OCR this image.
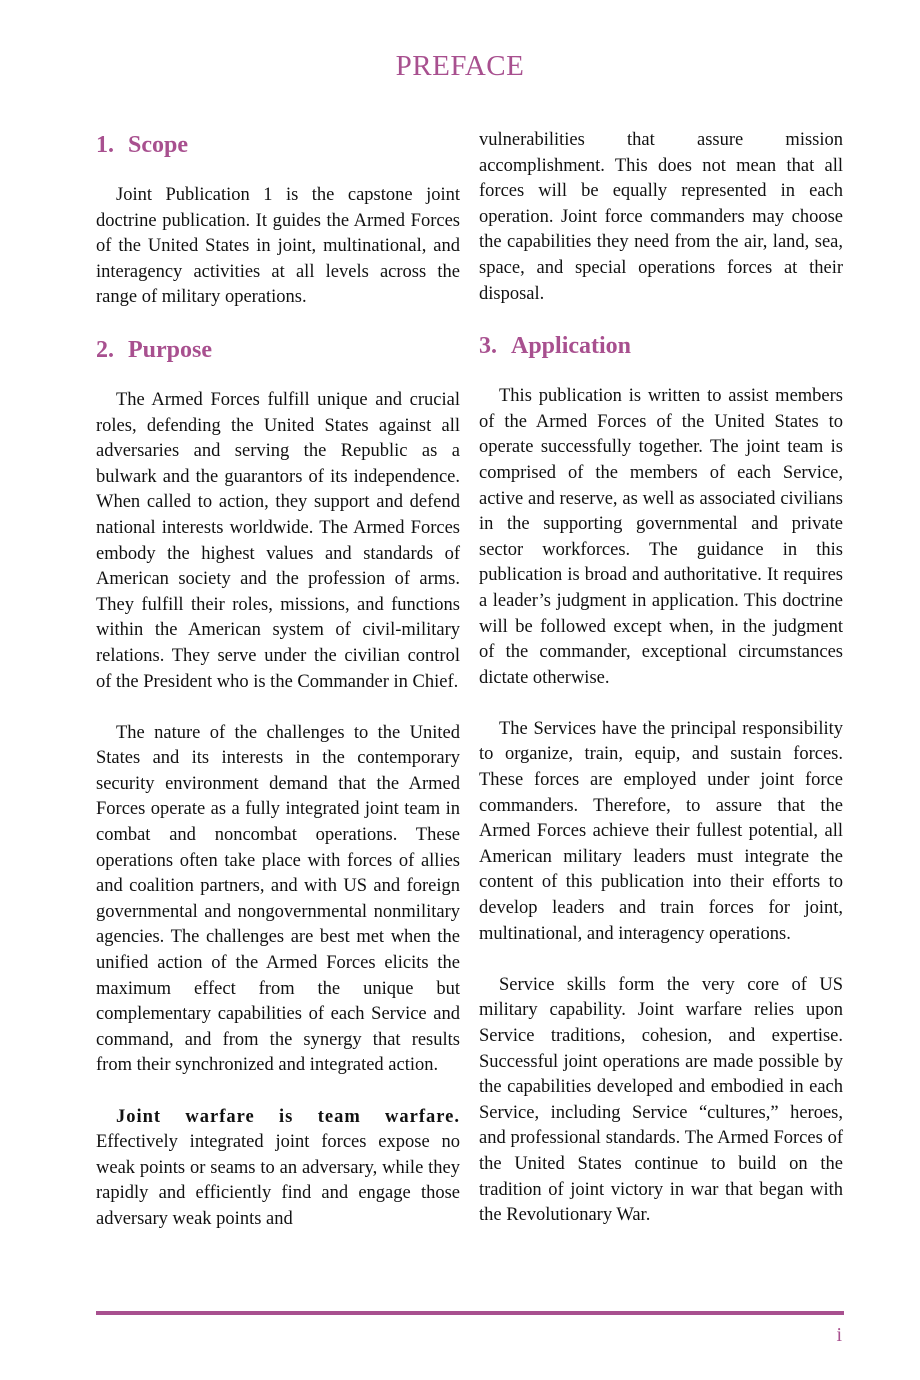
PREFACE
1. Scope

Joint Publication 1 is the capstone joint doctrine publication. It guides the Armed Forces of the United States in joint, multinational, and interagency activities at all levels across the range of military operations.

2. Purpose

The Armed Forces fulfill unique and crucial roles, defending the United States against all adversaries and serving the Republic as a bulwark and the guarantors of its independence. When called to action, they support and defend national interests worldwide. The Armed Forces embody the highest values and standards of American society and the profession of arms. They fulfill their roles, missions, and functions within the American system of civil-military relations. They serve under the civilian control of the President who is the Commander in Chief.

The nature of the challenges to the United States and its interests in the contemporary security environment demand that the Armed Forces operate as a fully integrated joint team in combat and noncombat operations. These operations often take place with forces of allies and coalition partners, and with US and foreign governmental and nongovernmental nonmilitary agencies. The challenges are best met when the unified action of the Armed Forces elicits the maximum effect from the unique but complementary capabilities of each Service and command, and from the synergy that results from their synchronized and integrated action.

Joint warfare is team warfare. Effectively integrated joint forces expose no weak points or seams to an adversary, while they rapidly and efficiently find and engage those adversary weak points and

vulnerabilities that assure mission accomplishment. This does not mean that all forces will be equally represented in each operation. Joint force commanders may choose the capabilities they need from the air, land, sea, space, and special operations forces at their disposal.

3. Application

This publication is written to assist members of the Armed Forces of the United States to operate successfully together. The joint team is comprised of the members of each Service, active and reserve, as well as associated civilians in the supporting governmental and private sector workforces. The guidance in this publication is broad and authoritative. It requires a leader’s judgment in application. This doctrine will be followed except when, in the judgment of the commander, exceptional circumstances dictate otherwise.

The Services have the principal responsibility to organize, train, equip, and sustain forces. These forces are employed under joint force commanders. Therefore, to assure that the Armed Forces achieve their fullest potential, all American military leaders must integrate the content of this publication into their efforts to develop leaders and train forces for joint, multinational, and interagency operations.

Service skills form the very core of US military capability. Joint warfare relies upon Service traditions, cohesion, and expertise. Successful joint operations are made possible by the capabilities developed and embodied in each Service, including Service “cultures,” heroes, and professional standards. The Armed Forces of the United States continue to build on the tradition of joint victory in war that began with the Revolutionary War.

i
